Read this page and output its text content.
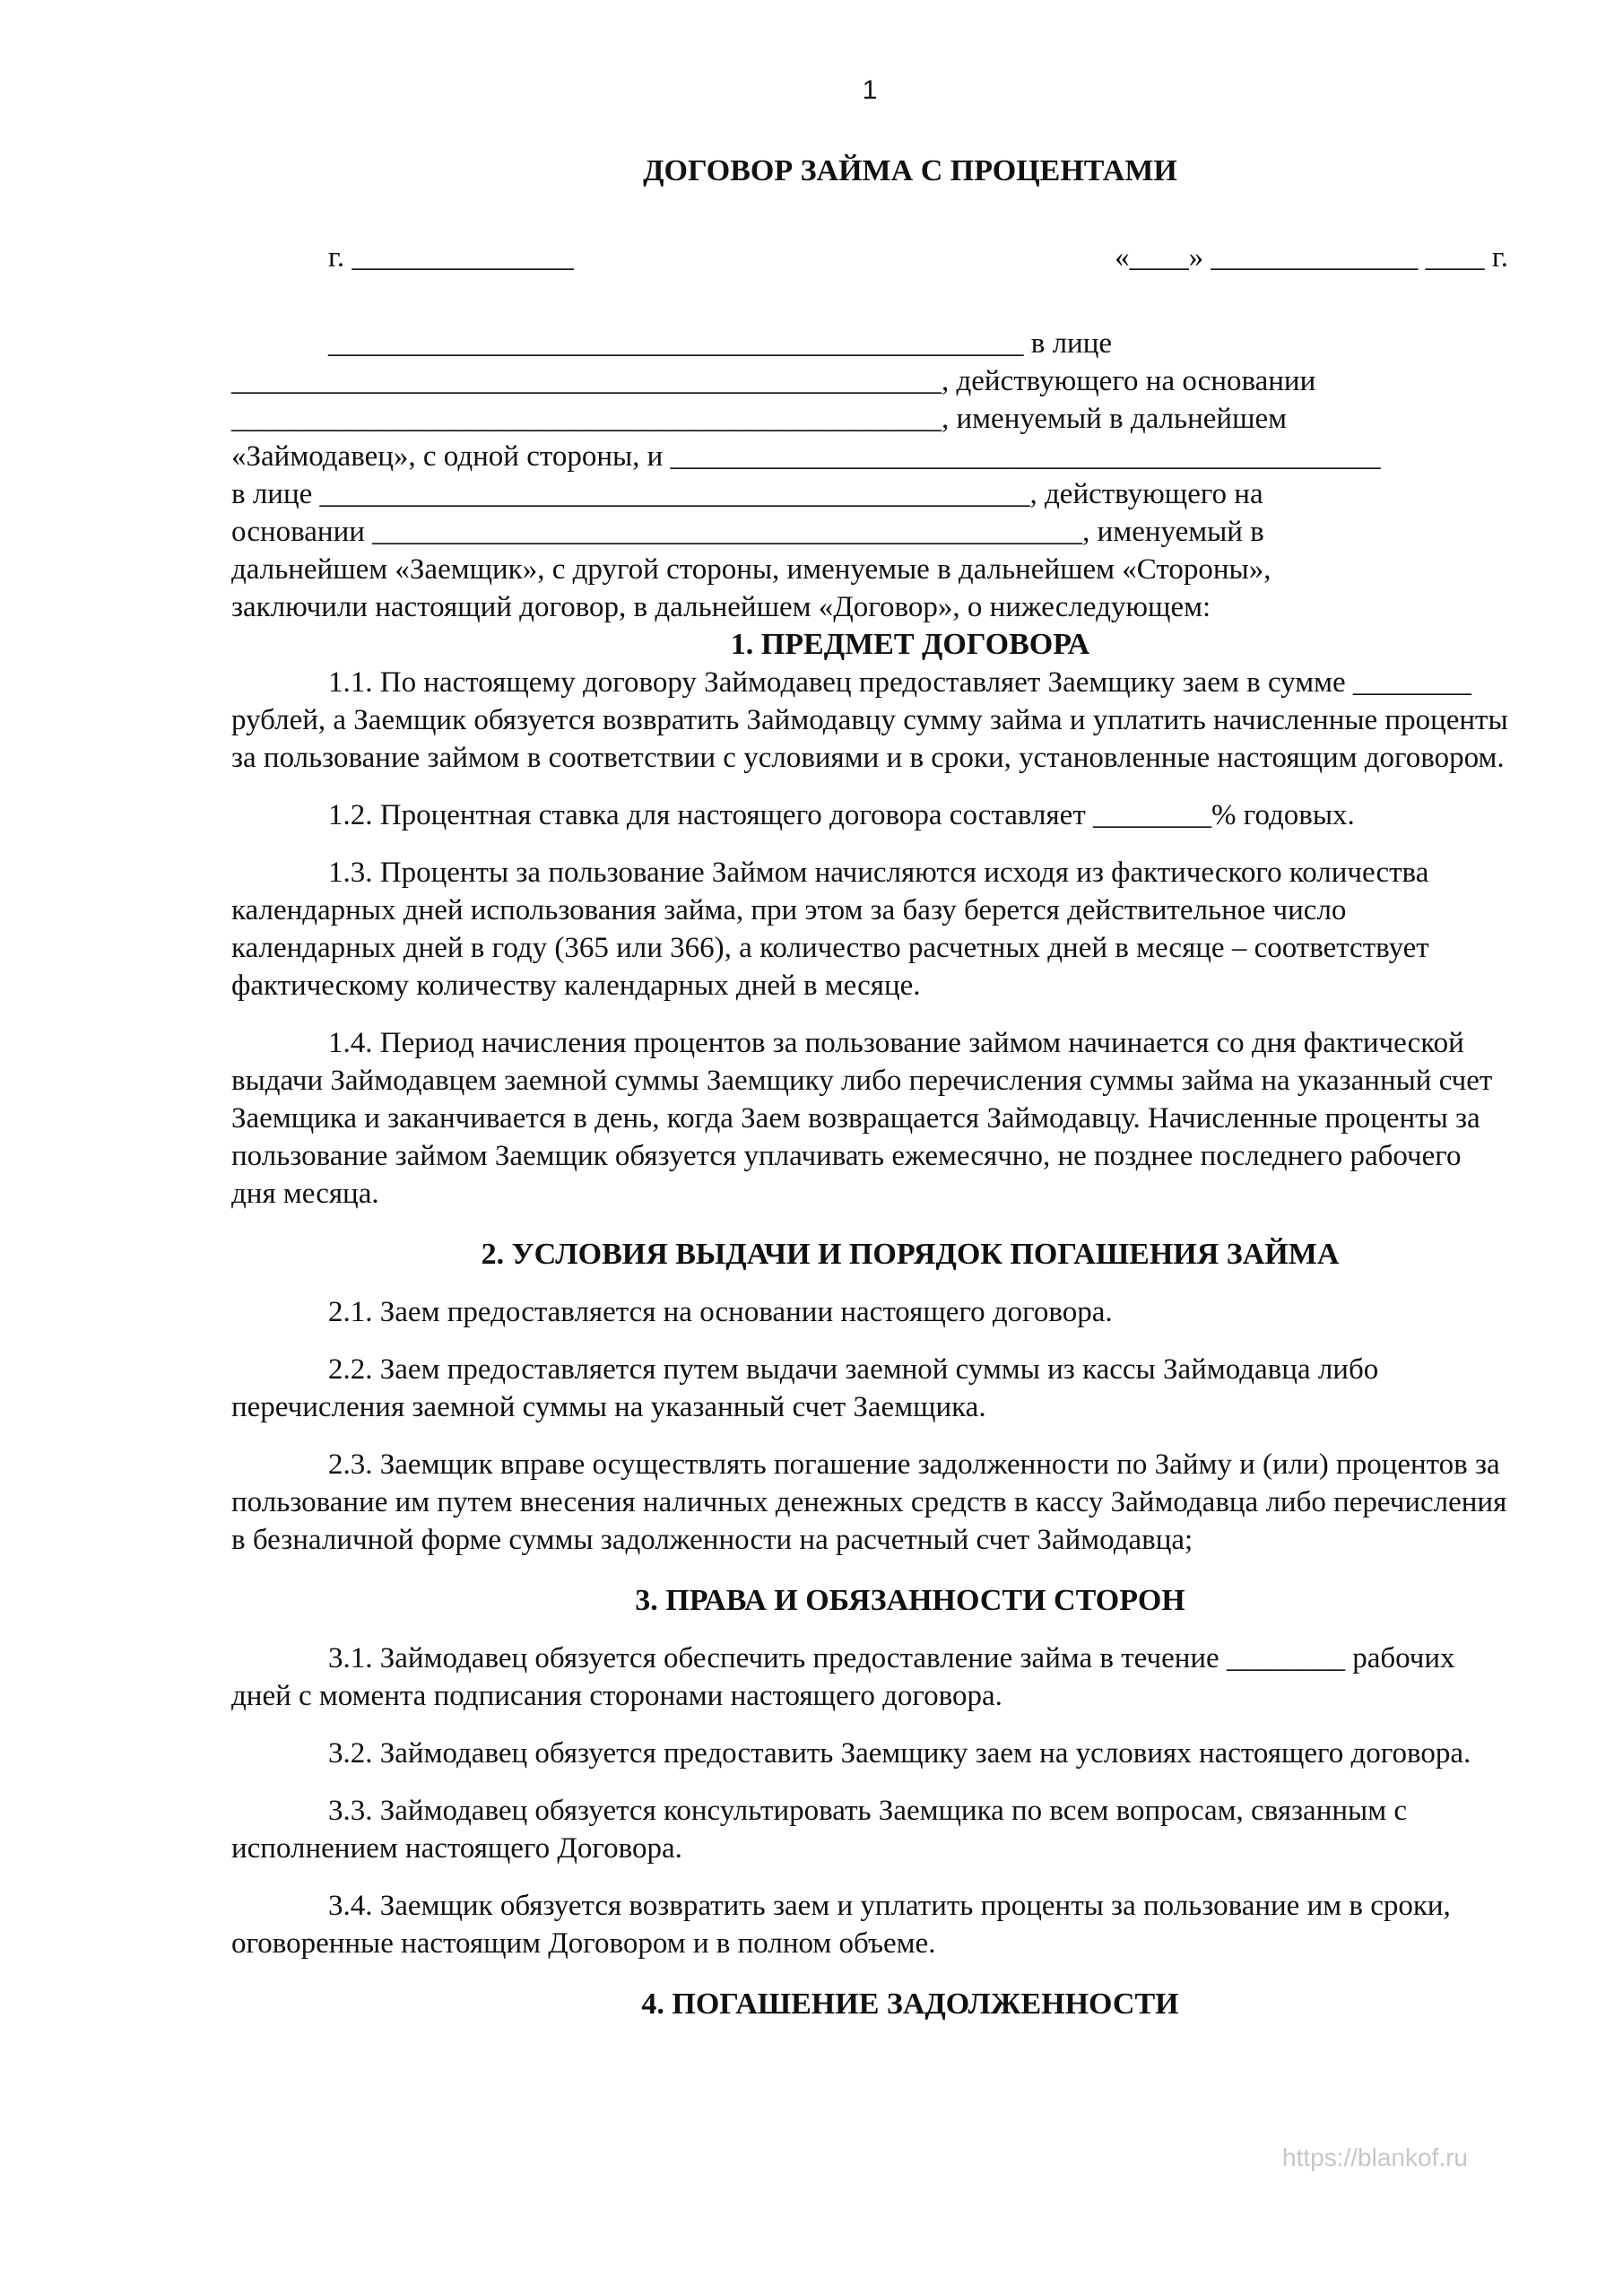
1
ДОГОВОР ЗАЙМА С ПРОЦЕНТАМИ
г. _______________	«____» ______________ ____ г.
_______________________________________________ в лице
________________________________________________, действующего на основании
________________________________________________, именуемый в дальнейшем
«Займодавец», с одной стороны, и ________________________________________________
в лице ________________________________________________, действующего на
основании ________________________________________________, именуемый в
дальнейшем «Заемщик», с другой стороны, именуемые в дальнейшем «Стороны»,
заключили настоящий договор, в дальнейшем «Договор», о нижеследующем:
1. ПРЕДМЕТ ДОГОВОРА

1.1. По настоящему договору Займодавец предоставляет Заемщику заем в сумме ________ рублей, а Заемщик обязуется возвратить Займодавцу сумму займа и уплатить начисленные проценты за пользование займом в соответствии с условиями и в сроки, установленные настоящим договором.

1.2. Процентная ставка для настоящего договора составляет ________% годовых.

1.3. Проценты за пользование Займом начисляются исходя из фактического количества календарных дней использования займа, при этом за базу берется действительное число календарных дней в году (365 или 366), а количество расчетных дней в месяце – соответствует фактическому количеству календарных дней в месяце.

1.4. Период начисления процентов за пользование займом начинается со дня фактической выдачи Займодавцем заемной суммы Заемщику либо перечисления суммы займа на указанный счет Заемщика и заканчивается в день, когда Заем возвращается Займодавцу. Начисленные проценты за пользование займом Заемщик обязуется уплачивать ежемесячно, не позднее последнего рабочего дня месяца.

2. УСЛОВИЯ ВЫДАЧИ И ПОРЯДОК ПОГАШЕНИЯ ЗАЙМА

2.1. Заем предоставляется на основании настоящего договора.

2.2. Заем предоставляется путем выдачи заемной суммы из кассы Займодавца либо перечисления заемной суммы на указанный счет Заемщика.

2.3. Заемщик вправе осуществлять погашение задолженности по Займу и (или) процентов за пользование им путем внесения наличных денежных средств в кассу Займодавца либо перечисления в безналичной форме суммы задолженности на расчетный счет Займодавца;

3. ПРАВА И ОБЯЗАННОСТИ СТОРОН

3.1. Займодавец обязуется обеспечить предоставление займа в течение ________ рабочих дней с момента подписания сторонами настоящего договора.

3.2. Займодавец обязуется предоставить Заемщику заем на условиях настоящего договора.

3.3. Займодавец обязуется консультировать Заемщика по всем вопросам, связанным с исполнением настоящего Договора.

3.4. Заемщик обязуется возвратить заем и уплатить проценты за пользование им в сроки, оговоренные настоящим Договором и в полном объеме.

4. ПОГАШЕНИЕ ЗАДОЛЖЕННОСТИ
https://blankof.ru
